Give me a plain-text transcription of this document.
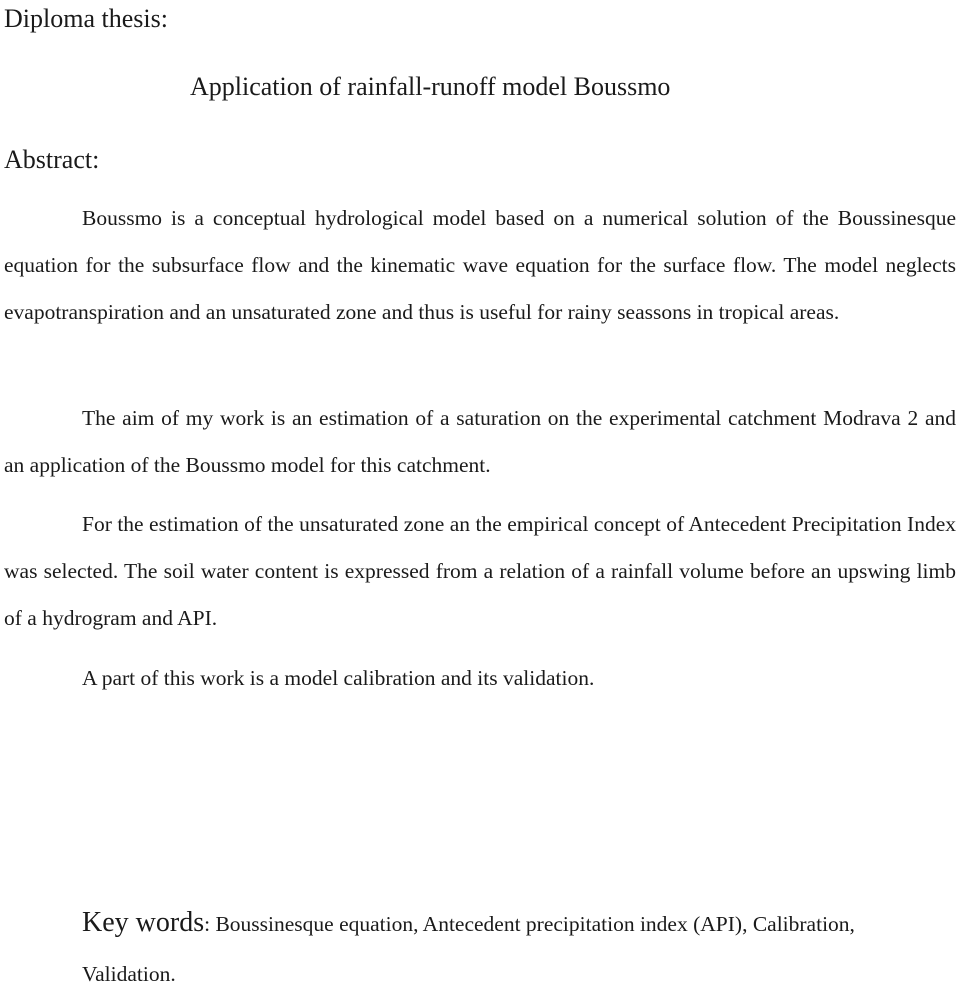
Diploma thesis:
Application of rainfall-runoff model Boussmo
Abstract:

Boussmo is a conceptual hydrological model based on a numerical solution of the Boussinesque equation for the subsurface flow and the kinematic wave equation for the surface flow. The model neglects evapotranspiration and an unsaturated zone and thus is useful for rainy seassons in tropical areas.

The aim of my work is an estimation of a saturation on the experimental catchment Modrava 2 and an application of the Boussmo model for this catchment.

For the estimation of the unsaturated zone an the empirical concept of Antecedent Precipitation Index was selected. The soil water content is expressed from a relation of a rainfall volume before an upswing limb of a hydrogram and API.

A part of this work is a model calibration and its validation.

Key words: Boussinesque equation, Antecedent precipitation index (API), Calibration, Validation.
